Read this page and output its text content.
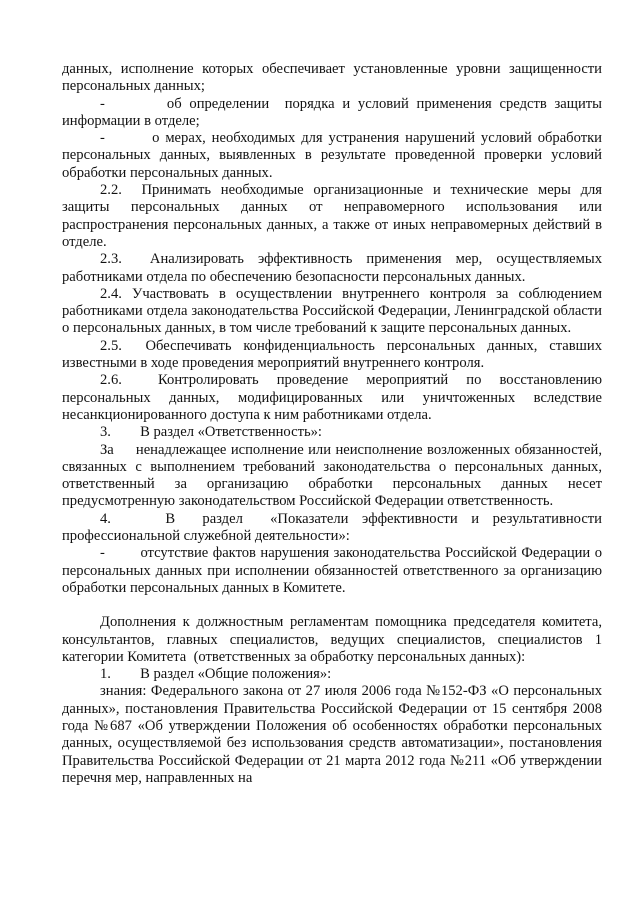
данных, исполнение которых обеспечивает установленные уровни защищенности персональных данных;

-        об определении  порядка и условий применения средств защиты информации в отделе;

-        о мерах, необходимых для устранения нарушений условий обработки персональных данных, выявленных в результате проведенной проверки условий обработки персональных данных.

2.2.  Принимать необходимые организационные и технические меры для защиты персональных данных от неправомерного использования или распространения персональных данных, а также от иных неправомерных действий в отделе.

2.3.  Анализировать эффективность применения мер, осуществляемых работниками отдела по обеспечению безопасности персональных данных.

2.4. Участвовать в осуществлении внутреннего контроля за соблюдением работниками отдела законодательства Российской Федерации, Ленинградской области о персональных данных, в том числе требований к защите персональных данных.

2.5.  Обеспечивать конфиденциальность персональных данных, ставших известными в ходе проведения мероприятий внутреннего контроля.

2.6.  Контролировать проведение мероприятий по восстановлению персональных данных, модифицированных или уничтоженных вследствие несанкционированного доступа к ним работниками отдела.

3.        В раздел «Ответственность»:

За     ненадлежащее исполнение или неисполнение возложенных обязанностей, связанных с выполнением требований законодательства о персональных данных, ответственный за организацию обработки персональных данных несет предусмотренную законодательством Российской Федерации ответственность.

4.        В    раздел    «Показатели  эффективности  и  результативности профессиональной служебной деятельности»:

-        отсутствие фактов нарушения законодательства Российской Федерации о персональных данных при исполнении обязанностей ответственного за организацию обработки персональных данных в Комитете.

Дополнения к должностным регламентам помощника председателя комитета, консультантов, главных специалистов, ведущих специалистов, специалистов 1 категории Комитета  (ответственных за обработку персональных данных):

1.        В раздел «Общие положения»:

знания: Федерального закона от 27 июля 2006 года №152-ФЗ «О персональных данных», постановления Правительства Российской Федерации от 15 сентября 2008 года №687 «Об утверждении Положения об особенностях обработки персональных данных, осуществляемой без использования средств автоматизации», постановления Правительства Российской Федерации от 21 марта 2012 года №211 «Об утверждении перечня мер, направленных на
